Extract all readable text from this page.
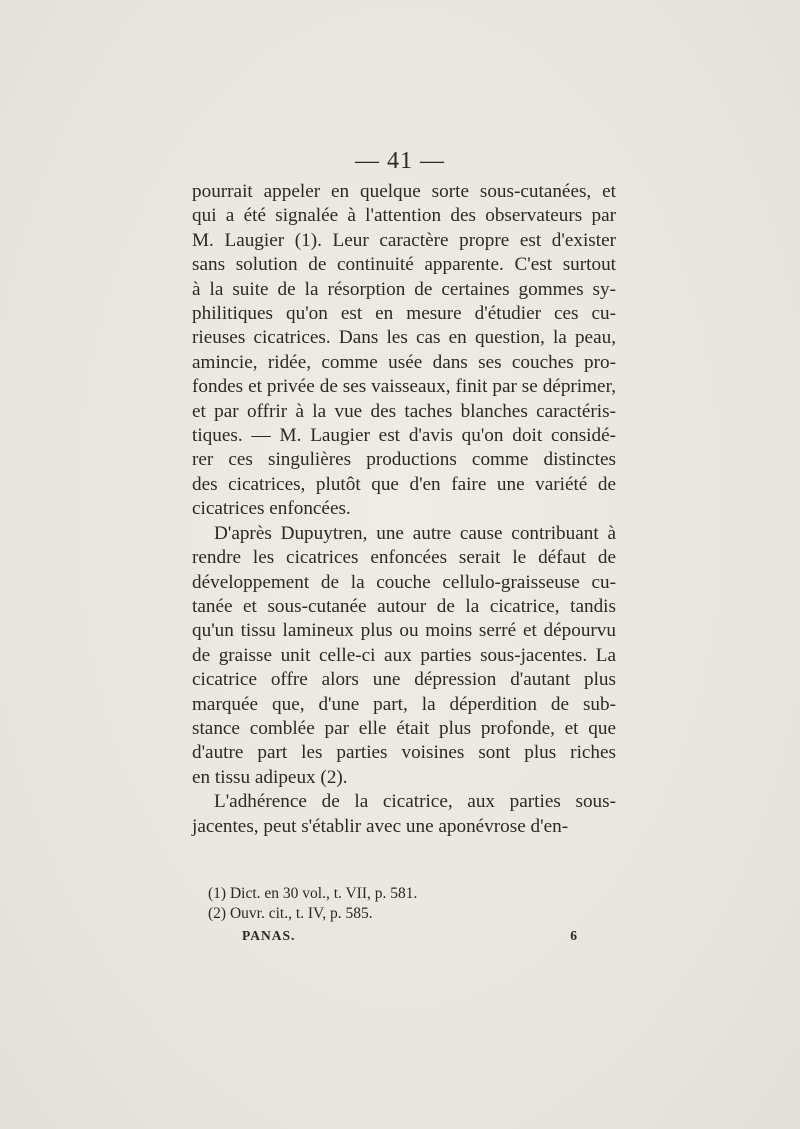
— 41 —
pourrait appeler en quelque sorte sous-cutanées, et
qui a été signalée à l'attention des observateurs par
M. Laugier (1). Leur caractère propre est d'exister
sans solution de continuité apparente. C'est surtout
à la suite de la résorption de certaines gommes sy-
philitiques qu'on est en mesure d'étudier ces cu-
rieuses cicatrices. Dans les cas en question, la peau,
amincie, ridée, comme usée dans ses couches pro-
fondes et privée de ses vaisseaux, finit par se déprimer,
et par offrir à la vue des taches blanches caractéris-
tiques. — M. Laugier est d'avis qu'on doit considé-
rer ces singulières productions comme distinctes
des cicatrices, plutôt que d'en faire une variété de
cicatrices enfoncées.
D'après Dupuytren, une autre cause contribuant à
rendre les cicatrices enfoncées serait le défaut de
développement de la couche cellulo-graisseuse cu-
tanée et sous-cutanée autour de la cicatrice, tandis
qu'un tissu lamineux plus ou moins serré et dépourvu
de graisse unit celle-ci aux parties sous-jacentes. La
cicatrice offre alors une dépression d'autant plus
marquée que, d'une part, la déperdition de sub-
stance comblée par elle était plus profonde, et que
d'autre part les parties voisines sont plus riches
en tissu adipeux (2).
L'adhérence de la cicatrice, aux parties sous-
jacentes, peut s'établir avec une aponévrose d'en-
(1) Dict. en 30 vol., t. VII, p. 581.
(2) Ouvr. cit., t. IV, p. 585.
PANAS.	6
